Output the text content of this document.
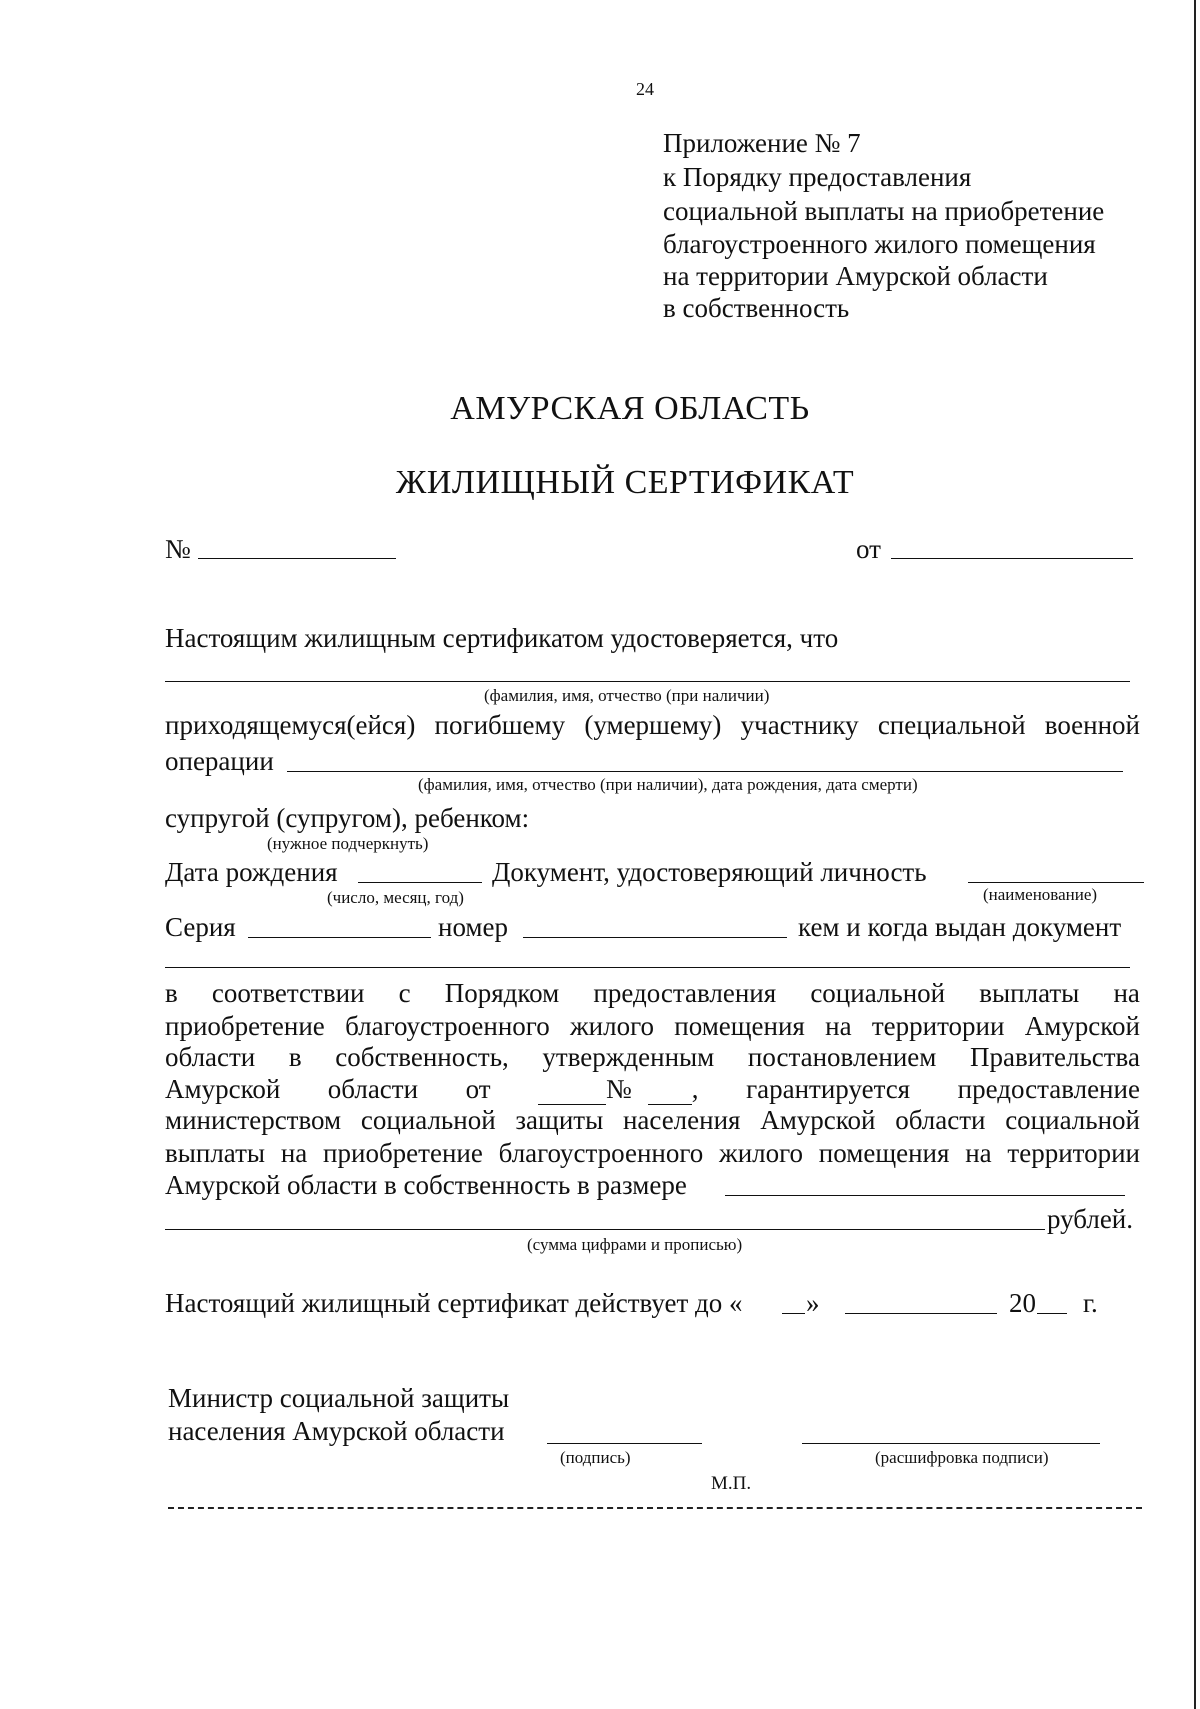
24
Приложение № 7
к Порядку предоставления
социальной выплаты на приобретение
благоустроенного жилого помещения
на территории Амурской области
в собственность
АМУРСКАЯ ОБЛАСТЬ
ЖИЛИЩНЫЙ СЕРТИФИКАТ
№	от
Настоящим жилищным сертификатом удостоверяется, что
(фамилия, имя, отчество (при наличии)
приходящемуся(ейся) погибшему (умершему) участнику специальной военной
операции
(фамилия, имя, отчество (при наличии), дата рождения, дата смерти)
супругой (супругом), ребенком:
(нужное подчеркнуть)
Дата рождения	Документ, удостоверяющий личность
(число, месяц, год)	(наименование)
Серия	номер	кем и когда выдан документ
в соответствии с Порядком предоставления социальной выплаты на
приобретение благоустроенного жилого помещения на территории Амурской
области в собственность, утвержденным постановлением Правительства
Амурской области от	№ , гарантируется предоставление
министерством социальной защиты населения Амурской области социальной
выплаты на приобретение благоустроенного жилого помещения на территории
Амурской области в собственность в размере
рублей.
(сумма цифрами и прописью)
Настоящий жилищный сертификат действует до « »	20 г.
Министр социальной защиты
населения Амурской области
(подпись)	(расшифровка подписи)
М.П.
